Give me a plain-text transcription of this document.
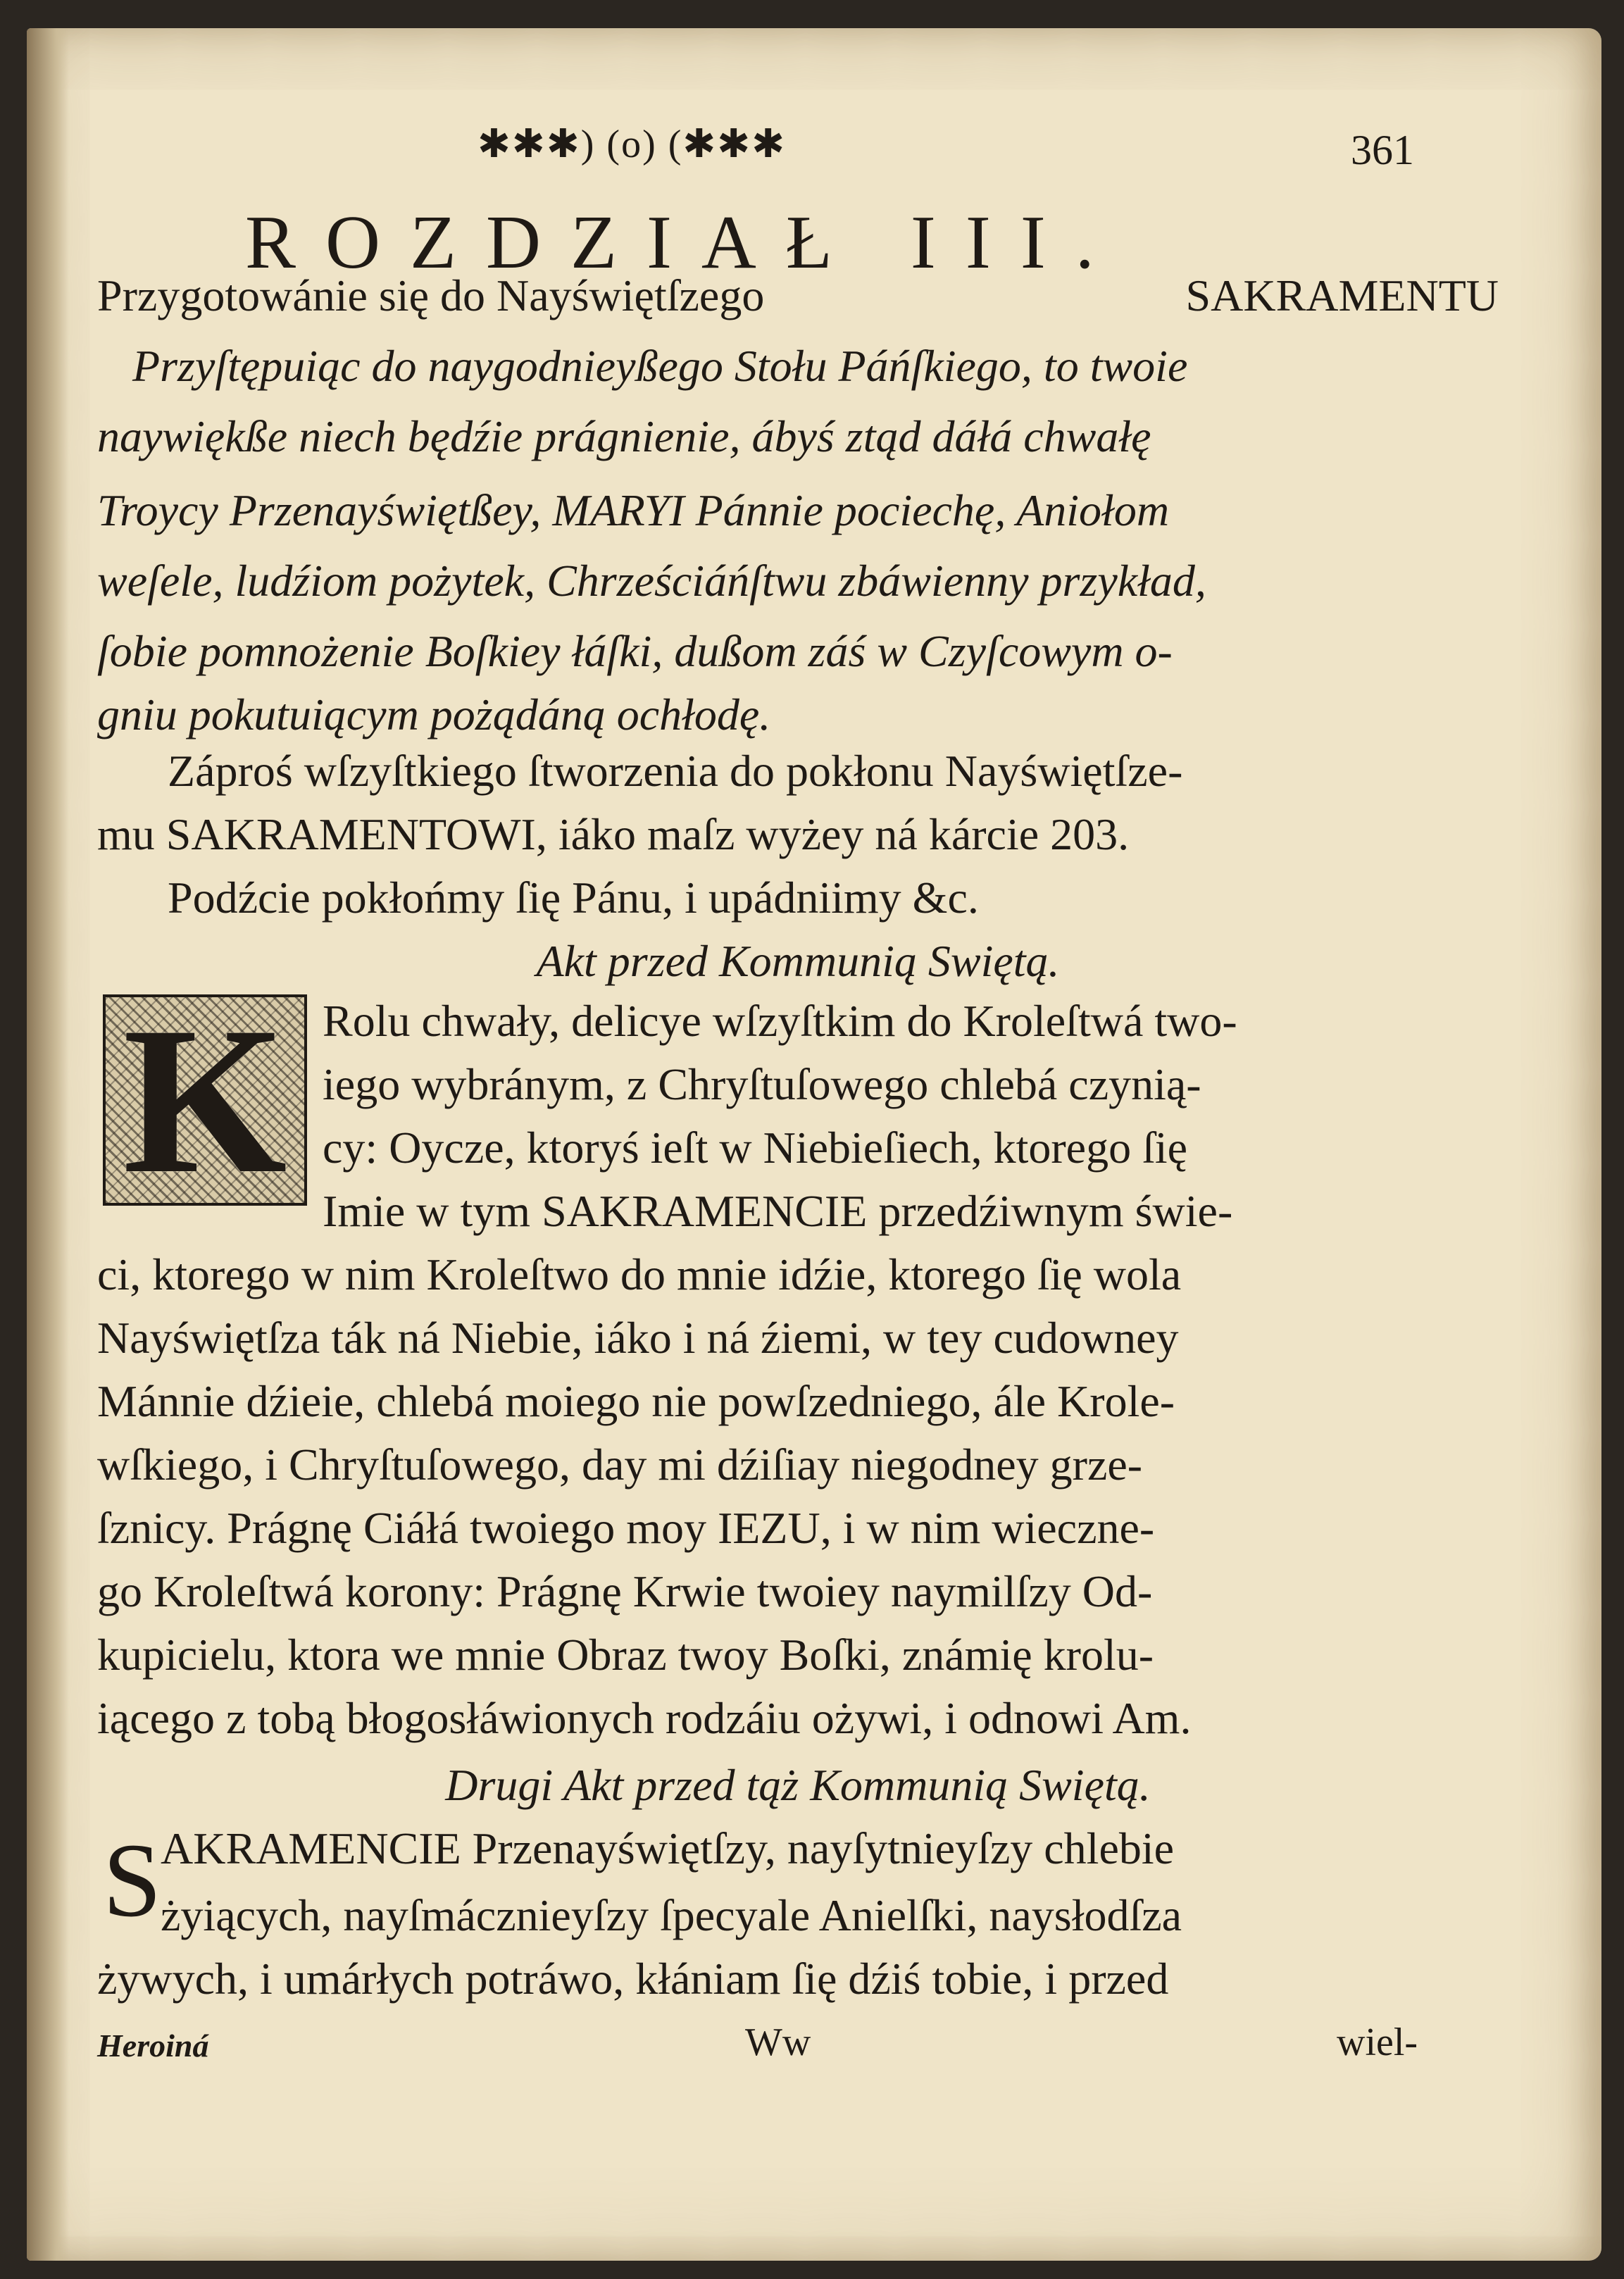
✱✱✱) (o) (✱✱✱	361
ROZDZIAŁ III.
Przygotowánie się do Nayświętſzego	SAKRAMENTU
Przyſtępuiąc do naygodnieyßego Stołu Páńſkiego, to twoie
naywiękße niech będźie prágnienie, ábyś ztąd dáłá chwałę
Troycy Przenayświętßey, MARYI Pánnie pociechę, Aniołom
weſele, ludźiom pożytek, Chrześciáńſtwu zbáwienny przykład,
ſobie pomnożenie Boſkiey łáſki, dußom záś w Czyſcowym o-
gniu pokutuiącym pożądáną ochłodę.
Záproś wſzyſtkiego ſtworzenia do pokłonu Nayświętſze-
mu SAKRAMENTOWI, iáko maſz wyżey ná kárcie 203.
Podźcie pokłońmy ſię Pánu, i upádniimy &c.
Akt przed Kommunią Swiętą.
Rolu chwały, delicye wſzyſtkim do Kroleſtwá two-
iego wybránym, z Chryſtuſowego chlebá czynią-
cy: Oycze, ktoryś ieſt w Niebieſiech, ktorego ſię
Imie w tym SAKRAMENCIE przedźiwnym świe-
ci, ktorego w nim Kroleſtwo do mnie idźie, ktorego ſię wola
Nayświętſza ták ná Niebie, iáko i ná źiemi, w tey cudowney
Mánnie dźieie, chlebá moiego nie powſzedniego, ále Krole-
wſkiego, i Chryſtuſowego, day mi dźiſiay niegodney grze-
ſznicy. Prágnę Ciáłá twoiego moy IEZU, i w nim wieczne-
go Kroleſtwá korony: Prágnę Krwie twoiey naymilſzy Od-
kupicielu, ktora we mnie Obraz twoy Boſki, známię krolu-
iącego z tobą błogosłáwionych rodzáiu ożywi, i odnowi Am.
Drugi Akt przed tąż Kommunią Swiętą.
AKRAMENCIE Przenayświętſzy, nayſytnieyſzy chlebie
żyiących, nayſmácznieyſzy ſpecyale Anielſki, naysłodſza
żywych, i umárłych potráwo, kłániam ſię dźiś tobie, i przed
Heroiná	Ww	wiel-
K
S
